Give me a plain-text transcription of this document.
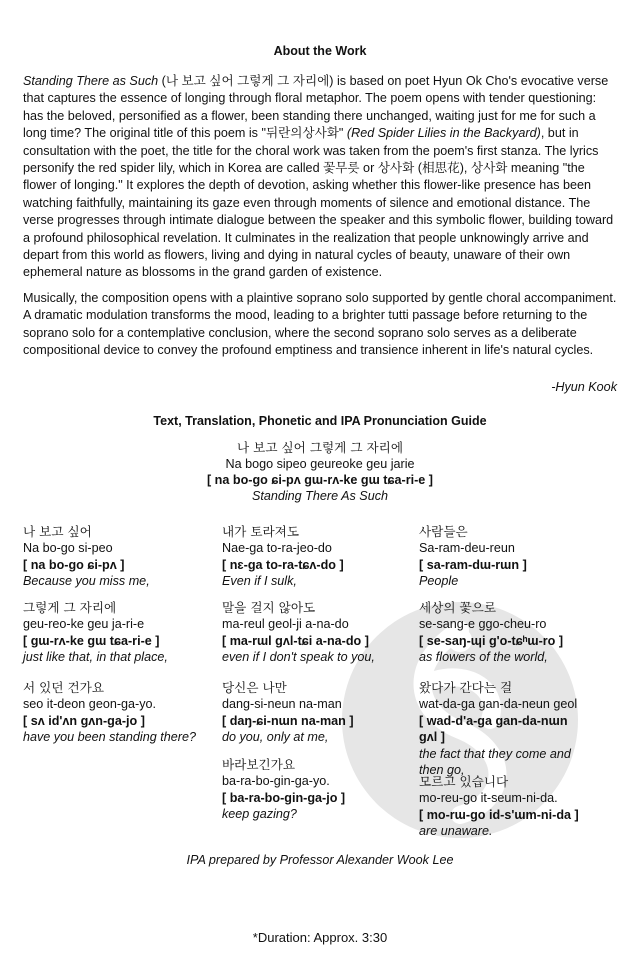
About the Work
Standing There as Such (나 보고 싶어 그렇게 그 자리에) is based on poet Hyun Ok Cho's evocative verse that captures the essence of longing through floral metaphor. The poem opens with tender questioning: has the beloved, personified as a flower, been standing there unchanged, waiting just for me for such a long time? The original title of this poem is "뒤란의상사화" (Red Spider Lilies in the Backyard), but in consultation with the poet, the title for the choral work was taken from the poem's first stanza. The lyrics personify the red spider lily, which in Korea are called 꽃무릇 or 상사화 (相思花), 상사화 meaning "the flower of longing." It explores the depth of devotion, asking whether this flower-like presence has been watching faithfully, maintaining its gaze even through moments of silence and emotional distance. The verse progresses through intimate dialogue between the speaker and this symbolic flower, building toward a profound philosophical revelation. It culminates in the realization that people unknowingly arrive and depart from this world as flowers, living and dying in natural cycles of beauty, unaware of their own ephemeral nature as blossoms in the grand garden of existence.
Musically, the composition opens with a plaintive soprano solo supported by gentle choral accompaniment. A dramatic modulation transforms the mood, leading to a brighter tutti passage before returning to the soprano solo for a contemplative conclusion, where the second soprano solo serves as a deliberate compositional device to convey the profound emptiness and transience inherent in life's natural cycles.
-Hyun Kook
Text, Translation, Phonetic and IPA Pronunciation Guide
나 보고 싶어 그렇게 그 자리에
Na bogo sipeo geureoke geu jarie
[ na bo-go ɕi-pʌ gɯ-rʌ-ke gɯ tɕa-ri-e ]
Standing There As Such
나 보고 싶어
Na bo-go si-peo
[ na bo-go ɕi-pʌ ]
Because you miss me,
그렇게 그 자리에
geu-reo-ke geu ja-ri-e
[ gɯ-rʌ-ke gɯ tɕa-ri-e ]
just like that, in that place,
서 있던 건가요
seo it-deon geon-ga-yo.
[ sʌ id'ʌn gʌn-ga-jo ]
have you been standing there?
내가 토라져도
Nae-ga to-ra-jeo-do
[ nɛ-ga to-ra-tɕʌ-do ]
Even if I sulk,
말을 걸지 않아도
ma-reul geol-ji a-na-do
[ ma-rɯl gʌl-tɕi a-na-do ]
even if I don't speak to you,
당신은 나만
dang-si-neun na-man
[ daŋ-ɕi-nɯn na-man ]
do you, only at me,
바라보긴가요
ba-ra-bo-gin-ga-yo.
[ ba-ra-bo-gin-ga-jo ]
keep gazing?
사람들은
Sa-ram-deu-reun
[ sa-ram-dɯ-rɯn ]
People
세상의 꽃으로
se-sang-e ggo-cheu-ro
[ se-saŋ-ɰi g'o-tɕʰɯ-ro ]
as flowers of the world,
왔다가 간다는 걸
wat-da-ga gan-da-neun geol
[ wad-d'a-ga gan-da-nɯn gʌl ]
the fact that they come and then go,
모르고 있습니다
mo-reu-go it-seum-ni-da.
[ mo-rɯ-go id-s'ɯm-ni-da ]
are unaware.
IPA prepared by Professor Alexander Wook Lee
*Duration: Approx. 3:30
